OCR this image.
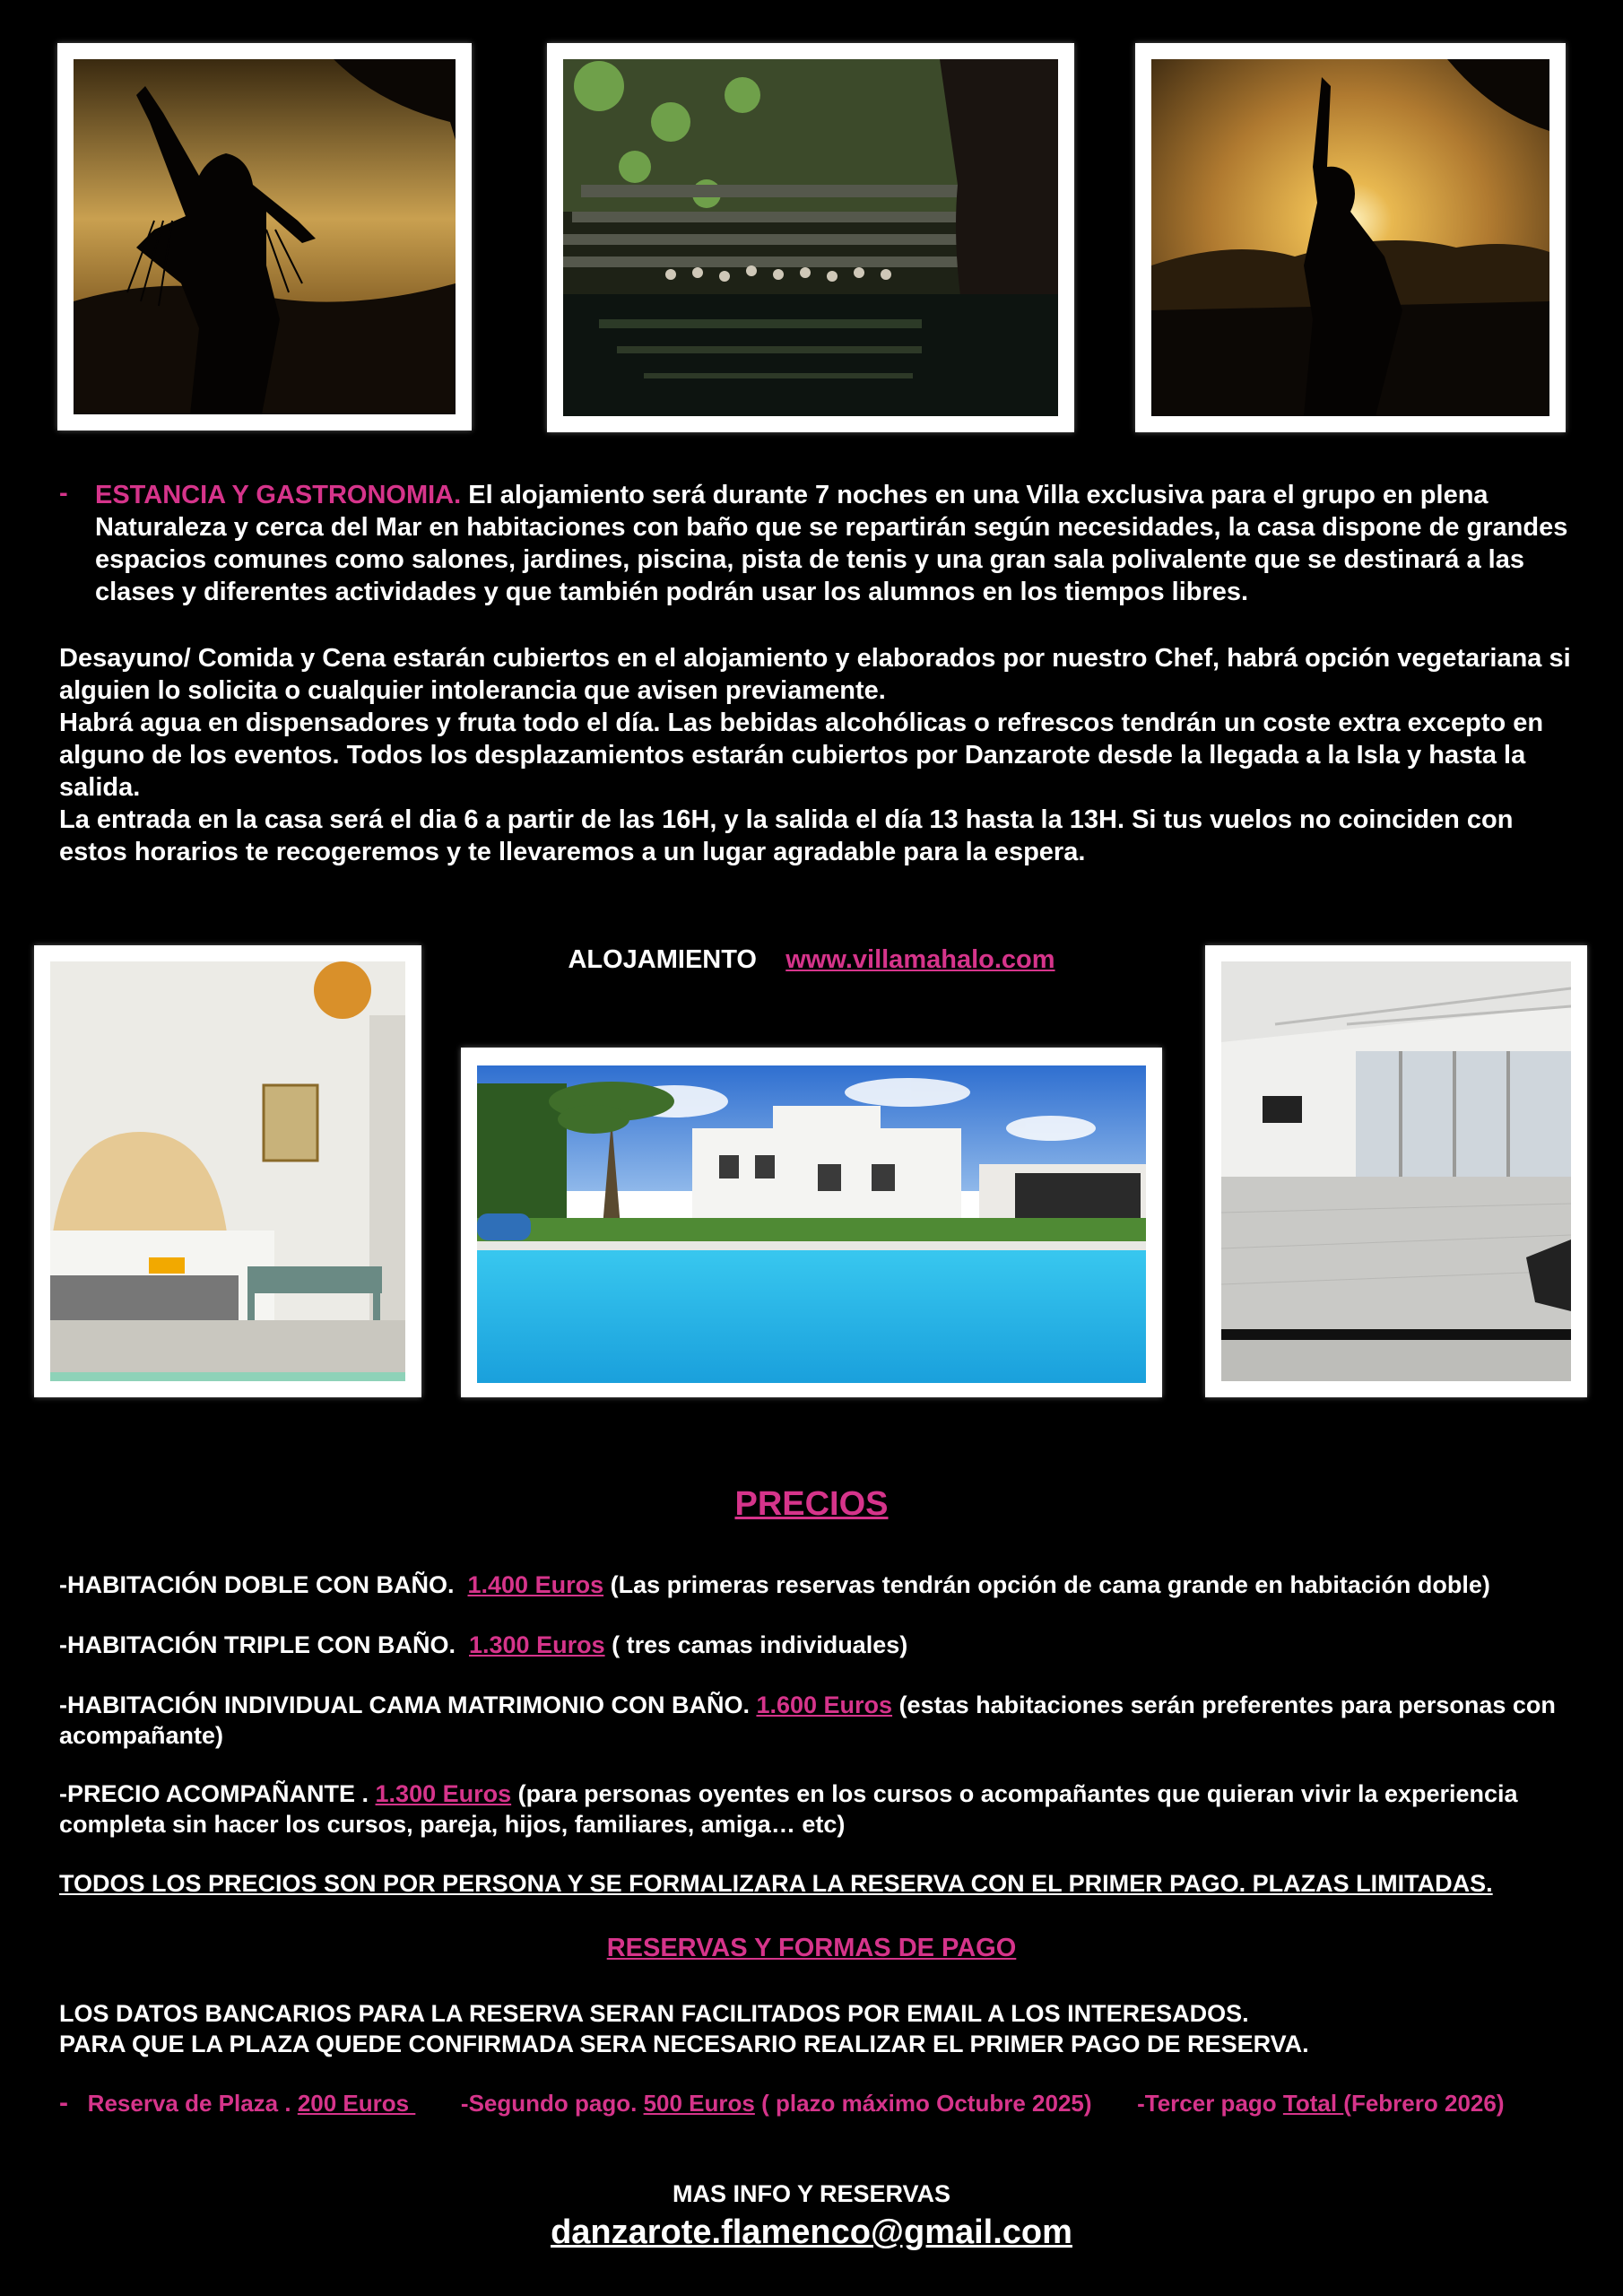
- ESTANCIA Y GASTRONOMIA. El alojamiento será durante 7 noches en una Villa exclusiva para el grupo en plena Naturaleza y cerca del Mar en habitaciones con baño que se repartirán según necesidades, la casa dispone de grandes espacios comunes como salones, jardines, piscina, pista de tenis y una gran sala polivalente que se destinará a las clases y diferentes actividades y que también podrán usar los alumnos en los tiempos libres.
Desayuno/ Comida y Cena estarán cubiertos en el alojamiento y elaborados por nuestro Chef, habrá opción vegetariana si alguien lo solicita o cualquier intolerancia que avisen previamente.
Habrá agua en dispensadores y fruta todo el día. Las bebidas alcohólicas o refrescos tendrán un coste extra excepto en alguno de los eventos. Todos los desplazamientos estarán cubiertos por Danzarote desde la llegada a la Isla y hasta la salida.
La entrada en la casa será el dia 6 a partir de las 16H, y la salida el día 13 hasta la 13H. Si tus vuelos no coinciden con estos horarios te recogeremos y te llevaremos a un lugar agradable para la espera.
ALOJAMIENTO www.villamahalo.com
PRECIOS
-HABITACIÓN DOBLE CON BAÑO. 1.400 Euros (Las primeras reservas tendrán opción de cama grande en habitación doble)
-HABITACIÓN TRIPLE CON BAÑO. 1.300 Euros ( tres camas individuales)
-HABITACIÓN INDIVIDUAL CAMA MATRIMONIO CON BAÑO. 1.600 Euros (estas habitaciones serán preferentes para personas con acompañante)
-PRECIO ACOMPAÑANTE . 1.300 Euros (para personas oyentes en los cursos o acompañantes que quieran vivir la experiencia completa sin hacer los cursos, pareja, hijos, familiares, amiga… etc)
TODOS LOS PRECIOS SON POR PERSONA Y SE FORMALIZARA LA RESERVA CON EL PRIMER PAGO. PLAZAS LIMITADAS.
RESERVAS Y FORMAS DE PAGO
LOS DATOS BANCARIOS PARA LA RESERVA SERAN FACILITADOS POR EMAIL A LOS INTERESADOS.
PARA QUE LA PLAZA QUEDE CONFIRMADA SERA NECESARIO REALIZAR EL PRIMER PAGO DE RESERVA.
- Reserva de Plaza . 200 Euros        -Segundo pago. 500 Euros ( plazo máximo Octubre 2025) -Tercer pago Total (Febrero 2026)
MAS INFO Y RESERVAS
danzarote.flamenco@gmail.com
